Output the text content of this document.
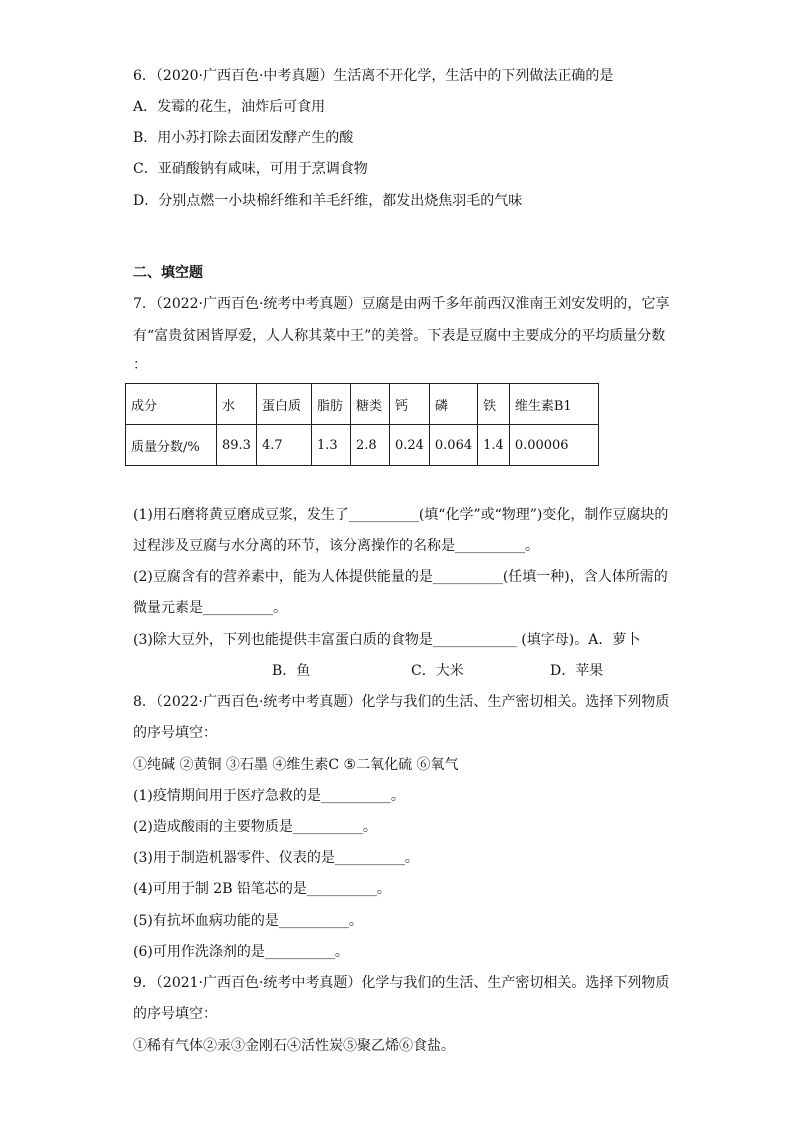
6．（2020·广西百色·中考真题）生活离不开化学，生活中的下列做法正确的是
A．发霉的花生，油炸后可食用
B．用小苏打除去面团发酵产生的酸
C．亚硝酸钠有咸味，可用于烹调食物
D．分别点燃一小块棉纤维和羊毛纤维，都发出烧焦羽毛的气味
二、填空题
7．（2022·广西百色·统考中考真题）豆腐是由两千多年前西汉淮南王刘安发明的，它享
有“富贵贫困皆厚爱，人人称其菜中王”的美誉。下表是豆腐中主要成分的平均质量分数
：
成分	水	蛋白质	脂肪	糖类	钙	磷	铁	维生素B1
质量分数/%	89.3	4.7	1.3	2.8	0.24	0.064	1.4	0.00006
(1)用石磨将黄豆磨成豆浆，发生了__________(填“化学”或“物理”)变化，制作豆腐块的
过程涉及豆腐与水分离的环节，该分离操作的名称是__________。
(2)豆腐含有的营养素中，能为人体提供能量的是__________(任填一种)，含人体所需的
微量元素是__________。
(3)除大豆外，下列也能提供丰富蛋白质的食物是____________ (填字母)。A．萝卜
B．鱼	C．大米	D．苹果
8．（2022·广西百色·统考中考真题）化学与我们的生活、生产密切相关。选择下列物质
的序号填空：
①纯碱 ②黄铜 ③石墨 ④维生素C ⑤二氧化硫 ⑥氧气
(1)疫情期间用于医疗急救的是__________。
(2)造成酸雨的主要物质是__________。
(3)用于制造机器零件、仪表的是__________。
(4)可用于制 2B 铅笔芯的是__________。
(5)有抗坏血病功能的是__________。
(6)可用作洗涤剂的是__________。
9．（2021·广西百色·统考中考真题）化学与我们的生活、生产密切相关。选择下列物质
的序号填空：
①稀有气体②汞③金刚石④活性炭⑤聚乙烯⑥食盐。
